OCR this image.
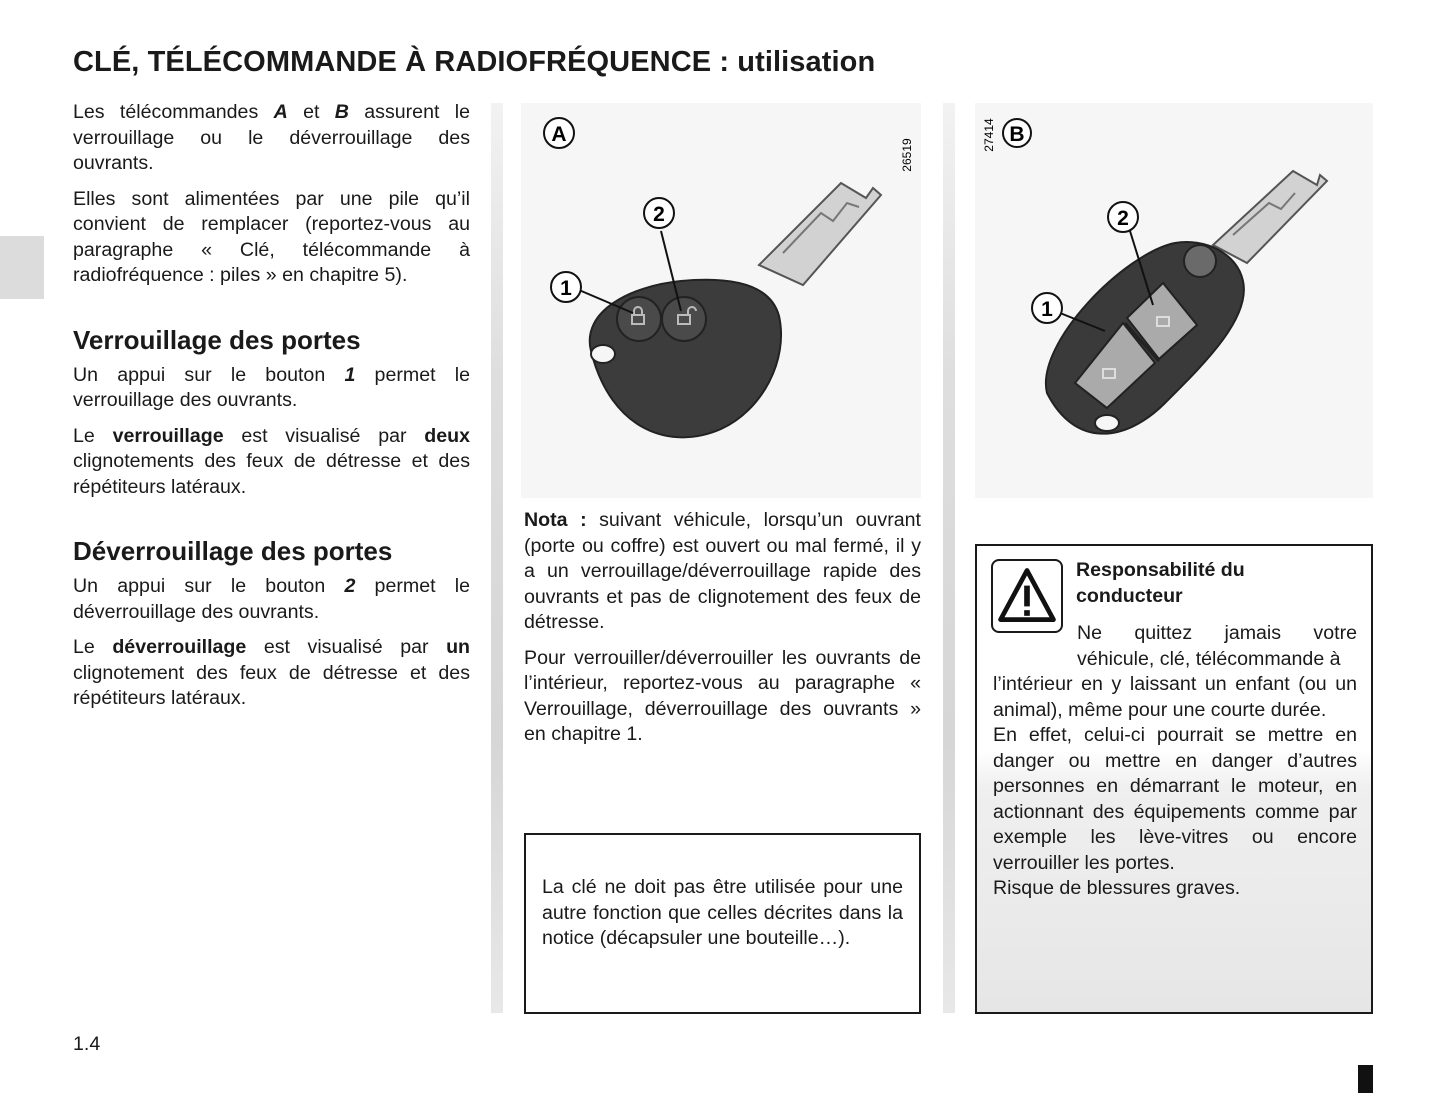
CLÉ, TÉLÉCOMMANDE À RADIOFRÉQUENCE : utilisation

Les télécommandes A et B assurent le verrouillage ou le déverrouillage des ouvrants.

Elles sont alimentées par une pile qu’il convient de remplacer (reportez-vous au paragraphe « Clé, télécommande à radiofréquence : piles » en chapitre 5).

Verrouillage des portes

Un appui sur le bouton 1 permet le verrouillage des ouvrants.

Le verrouillage est visualisé par deux clignotements des feux de détresse et des répétiteurs latéraux.

Déverrouillage des portes

Un appui sur le bouton 2 permet le déverrouillage des ouvrants.

Le déverrouillage est visualisé par un clignotement des feux de détresse et des répétiteurs latéraux.

A
2
1
26519
B
2
1
27414

Nota : suivant véhicule, lorsqu’un ouvrant (porte ou coffre) est ouvert ou mal fermé, il y a un verrouillage/déverrouillage rapide des ouvrants et pas de clignotement des feux de détresse.

Pour verrouiller/déverrouiller les ouvrants de l’intérieur, reportez-vous au paragraphe « Verrouillage, déverrouillage des ouvrants » en chapitre 1.

La clé ne doit pas être utilisée pour une autre fonction que celles décrites dans la notice (décapsuler une bouteille…).

Responsabilité du conducteur
Ne quittez jamais votre véhicule, clé, télécommande à
l’intérieur en y laissant un enfant (ou un animal), même pour une courte durée.
En effet, celui-ci pourrait se mettre en danger ou mettre en danger d’autres personnes en démarrant le moteur, en actionnant des équipements comme par exemple les lève-vitres ou encore verrouiller les portes.
Risque de blessures graves.
1.4
